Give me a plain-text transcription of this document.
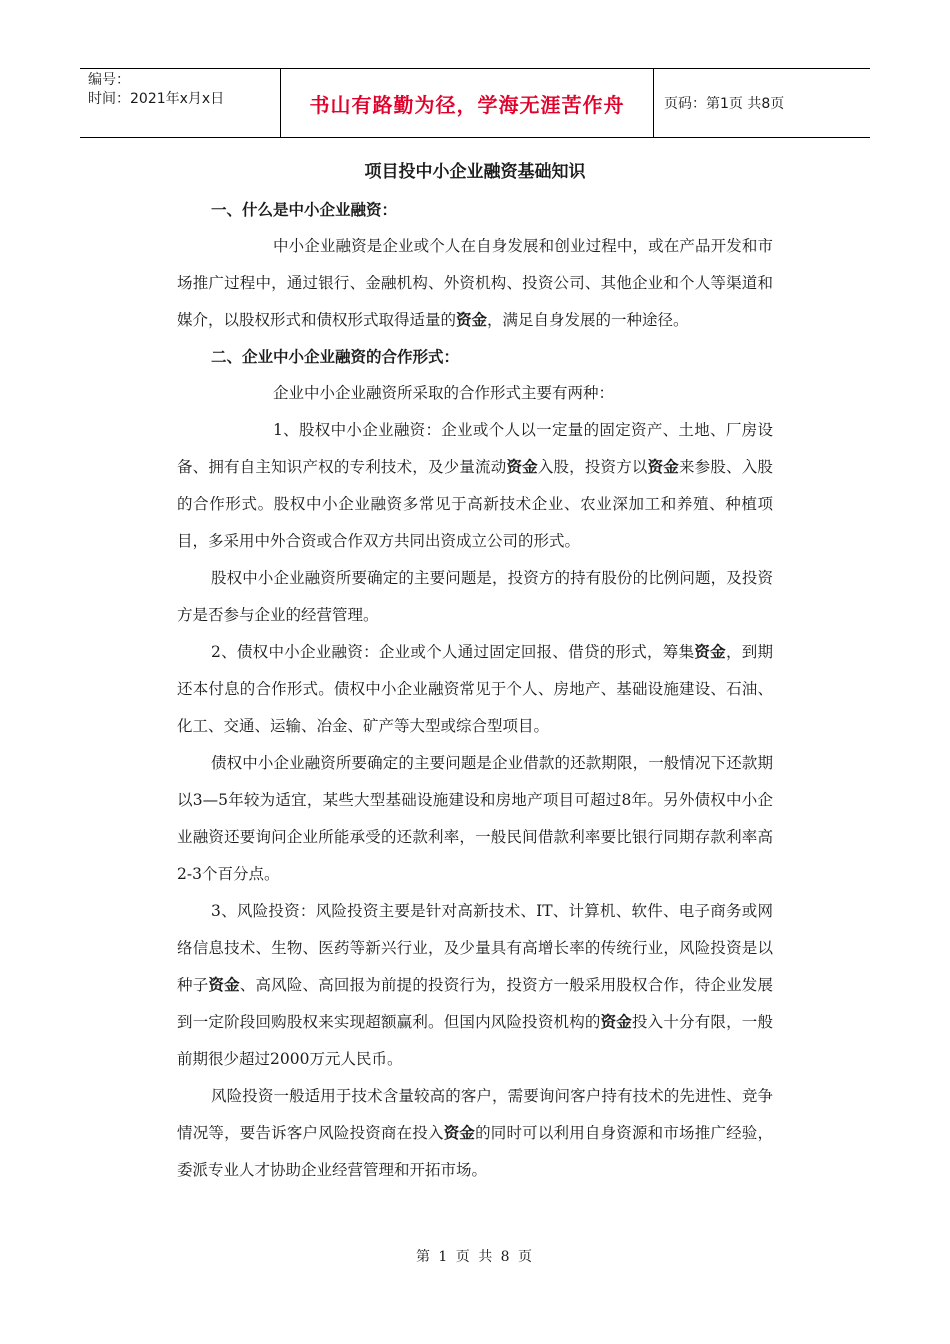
编号：
时间：2021年x月x日	书山有路勤为径，学海无涯苦作舟	页码：第1页 共8页
项目投中小企业融资基础知识
一、什么是中小企业融资：
中小企业融资是企业或个人在自身发展和创业过程中，或在产品开发和市场推广过程中，通过银行、金融机构、外资机构、投资公司、其他企业和个人等渠道和媒介，以股权形式和债权形式取得适量的资金，满足自身发展的一种途径。
二、企业中小企业融资的合作形式：
企业中小企业融资所采取的合作形式主要有两种：
1、股权中小企业融资：企业或个人以一定量的固定资产、土地、厂房设备、拥有自主知识产权的专利技术，及少量流动资金入股，投资方以资金来参股、入股的合作形式。股权中小企业融资多常见于高新技术企业、农业深加工和养殖、种植项目，多采用中外合资或合作双方共同出资成立公司的形式。
股权中小企业融资所要确定的主要问题是，投资方的持有股份的比例问题，及投资方是否参与企业的经营管理。
2、债权中小企业融资：企业或个人通过固定回报、借贷的形式，筹集资金，到期还本付息的合作形式。债权中小企业融资常见于个人、房地产、基础设施建设、石油、化工、交通、运输、冶金、矿产等大型或综合型项目。
债权中小企业融资所要确定的主要问题是企业借款的还款期限，一般情况下还款期以3—5年较为适宜，某些大型基础设施建设和房地产项目可超过8年。另外债权中小企业融资还要询问企业所能承受的还款利率，一般民间借款利率要比银行同期存款利率高2-3个百分点。
3、风险投资：风险投资主要是针对高新技术、IT、计算机、软件、电子商务或网络信息技术、生物、医药等新兴行业，及少量具有高增长率的传统行业，风险投资是以种子资金、高风险、高回报为前提的投资行为，投资方一般采用股权合作，待企业发展到一定阶段回购股权来实现超额赢利。但国内风险投资机构的资金投入十分有限，一般前期很少超过2000万元人民币。
风险投资一般适用于技术含量较高的客户，需要询问客户持有技术的先进性、竞争情况等，要告诉客户风险投资商在投入资金的同时可以利用自身资源和市场推广经验，委派专业人才协助企业经营管理和开拓市场。
第 1 页 共 8 页
